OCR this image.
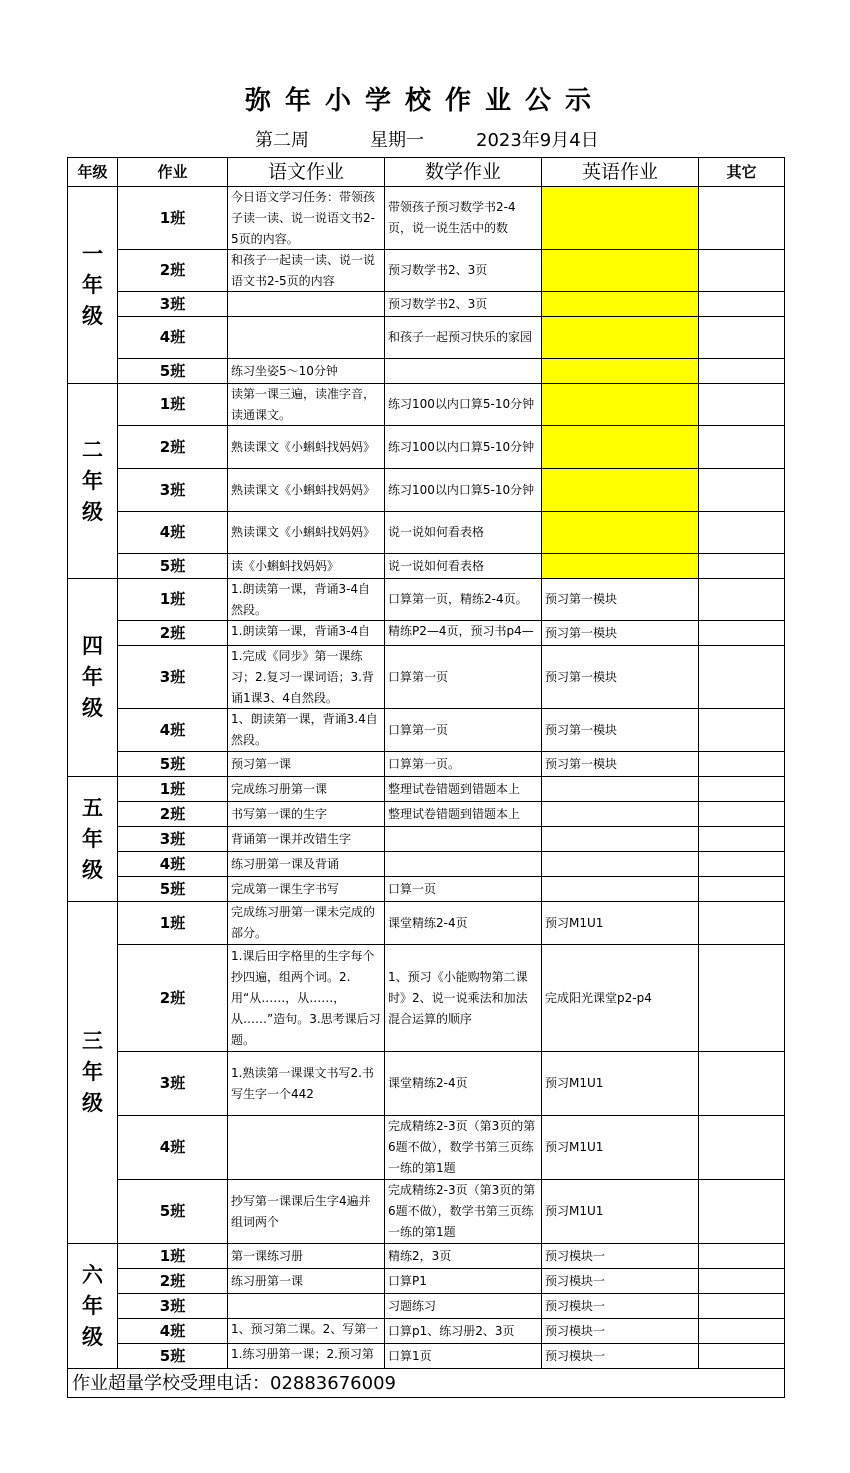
弥年小学校作业公示
第二周	星期一	2023年9月4日
年级	作业	语文作业	数学作业	英语作业	其它
一
年
级	1班	今日语文学习任务：带领孩子读一读、说一说语文书2-5页的内容。	带领孩子预习数学书2-4页，说一说生活中的数		

	2班	和孩子一起读一读、说一说语文书2-5页的内容	预习数学书2、3页		

	3班		预习数学书2、3页		

	4班		和孩子一起预习快乐的家园		

	5班	练习坐姿5～10分钟			

二
年
级	1班	读第一课三遍，读准字音，读通课文。	练习100以内口算5-10分钟		

	2班	熟读课文《小蝌蚪找妈妈》	练习100以内口算5-10分钟		

	3班	熟读课文《小蝌蚪找妈妈》	练习100以内口算5-10分钟		

	4班	熟读课文《小蝌蚪找妈妈》	说一说如何看表格		

	5班	读《小蝌蚪找妈妈》	说一说如何看表格		

四
年
级	1班	1.朗读第一课，背诵3-4自然段。	口算第一页，精练2-4页。	预习第一模块	

	2班	1.朗读第一课，背诵3-4自	精练P2—4页，预习书p4—	预习第一模块	

	3班	1.完成《同步》第一课练习；2.复习一课词语；3.背诵1课3、4自然段。	口算第一页	预习第一模块	

	4班	1、朗读第一课，背诵3.4自然段。	口算第一页	预习第一模块	

	5班	预习第一课	口算第一页。	预习第一模块	

五
年
级	1班	完成练习册第一课	整理试卷错题到错题本上		

	2班	书写第一课的生字	整理试卷错题到错题本上		

	3班	背诵第一课并改错生字			

	4班	练习册第一课及背诵			

	5班	完成第一课生字书写	口算一页		

三
年
级	1班	完成练习册第一课未完成的部分。	课堂精练2-4页	预习M1U1	

	2班	1.课后田字格里的生字每个抄四遍，组两个词。2.用“从……，从……，从……”造句。3.思考课后习题。	1、预习《小能购物第二课时》2、说一说乘法和加法混合运算的顺序	完成阳光课堂p2-p4	

	3班	1.熟读第一课课文书写2.书写生字一个442	课堂精练2-4页	预习M1U1	

	4班		完成精练2-3页（第3页的第6题不做），数学书第三页练一练的第1题	预习M1U1	

	5班	抄写第一课课后生字4遍并组词两个	完成精练2-3页（第3页的第6题不做），数学书第三页练一练的第1题	预习M1U1	

六
年
级	1班	第一课练习册	精练2，3页	预习模块一	

	2班	练习册第一课	口算P1	预习模块一	

	3班		习题练习	预习模块一	

	4班	1、预习第二课。2、写第一	口算p1、练习册2、3页	预习模块一	

	5班	1.练习册第一课；2.预习第	口算1页	预习模块一	

作业超量学校受理电话：02883676009					
